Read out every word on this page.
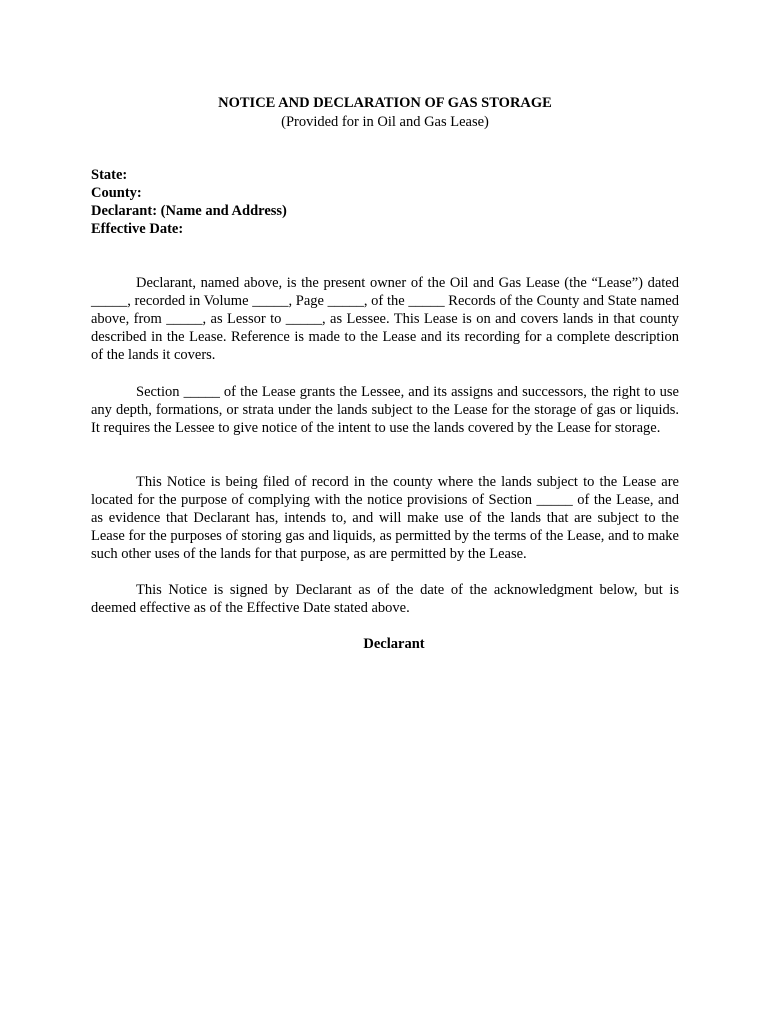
NOTICE AND DECLARATION OF GAS STORAGE
(Provided for in Oil and Gas Lease)
State:
County:
Declarant: (Name and Address)
Effective Date:

Declarant, named above, is the present owner of the Oil and Gas Lease (the “Lease”) dated _____, recorded in Volume _____, Page _____, of the _____ Records of the County and State named above, from _____, as Lessor to _____, as Lessee. This Lease is on and covers lands in that county described in the Lease. Reference is made to the Lease and its recording for a complete description of the lands it covers.

Section _____ of the Lease grants the Lessee, and its assigns and successors, the right to use any depth, formations, or strata under the lands subject to the Lease for the storage of gas or liquids. It requires the Lessee to give notice of the intent to use the lands covered by the Lease for storage.

This Notice is being filed of record in the county where the lands subject to the Lease are located for the purpose of complying with the notice provisions of Section _____ of the Lease, and as evidence that Declarant has, intends to, and will make use of the lands that are subject to the Lease for the purposes of storing gas and liquids, as permitted by the terms of the Lease, and to make such other uses of the lands for that purpose, as are permitted by the Lease.

This Notice is signed by Declarant as of the date of the acknowledgment below, but is deemed effective as of the Effective Date stated above.

Declarant
